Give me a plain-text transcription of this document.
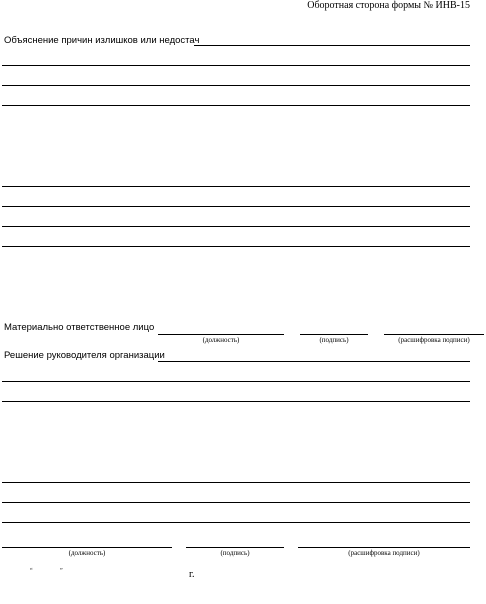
Оборотная сторона формы № ИНВ-15
Объяснение причин излишков или недостач
Материально ответственное лицо
(должность)	(подпись)	(расшифровка подписи)
Решение руководителя организации
(должность)	(подпись)	(расшифровка подписи)
“	”	г.
